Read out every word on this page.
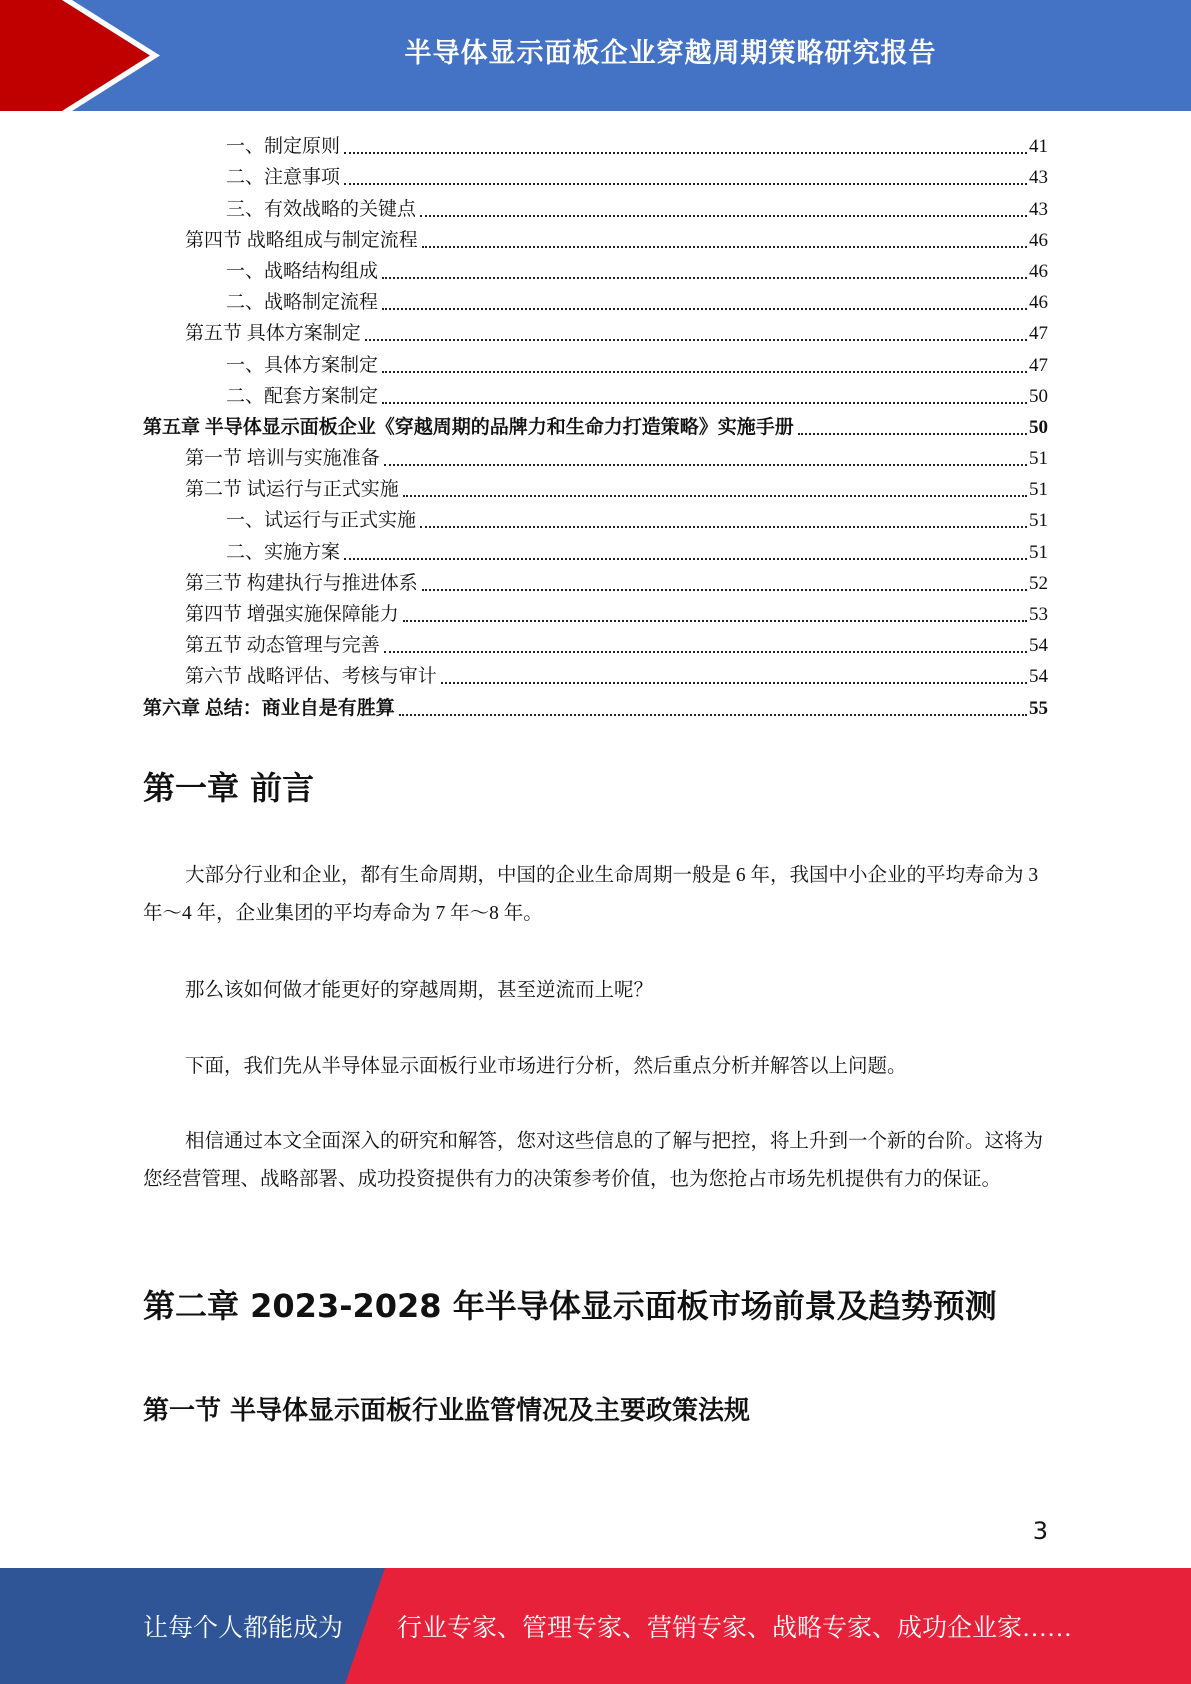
半导体显示面板企业穿越周期策略研究报告
一、制定原则	41
二、注意事项	43
三、有效战略的关键点	43
第四节 战略组成与制定流程	46
一、战略结构组成	46
二、战略制定流程	46
第五节 具体方案制定	47
一、具体方案制定	47
二、配套方案制定	50
第五章 半导体显示面板企业《穿越周期的品牌力和生命力打造策略》实施手册	50
第一节 培训与实施准备	51
第二节 试运行与正式实施	51
一、试运行与正式实施	51
二、实施方案	51
第三节 构建执行与推进体系	52
第四节 增强实施保障能力	53
第五节 动态管理与完善	54
第六节 战略评估、考核与审计	54
第六章 总结：商业自是有胜算	55
第一章 前言

大部分行业和企业，都有生命周期，中国的企业生命周期一般是 6 年，我国中小企业的平均寿命为 3 年～4 年，企业集团的平均寿命为 7 年～8 年。

那么该如何做才能更好的穿越周期，甚至逆流而上呢？

下面，我们先从半导体显示面板行业市场进行分析，然后重点分析并解答以上问题。

相信通过本文全面深入的研究和解答，您对这些信息的了解与把控，将上升到一个新的台阶。这将为您经营管理、战略部署、成功投资提供有力的决策参考价值，也为您抢占市场先机提供有力的保证。

第二章 2023-2028 年半导体显示面板市场前景及趋势预测
第一节 半导体显示面板行业监管情况及主要政策法规
3
让每个人都能成为 行业专家、管理专家、营销专家、战略专家、成功企业家……
